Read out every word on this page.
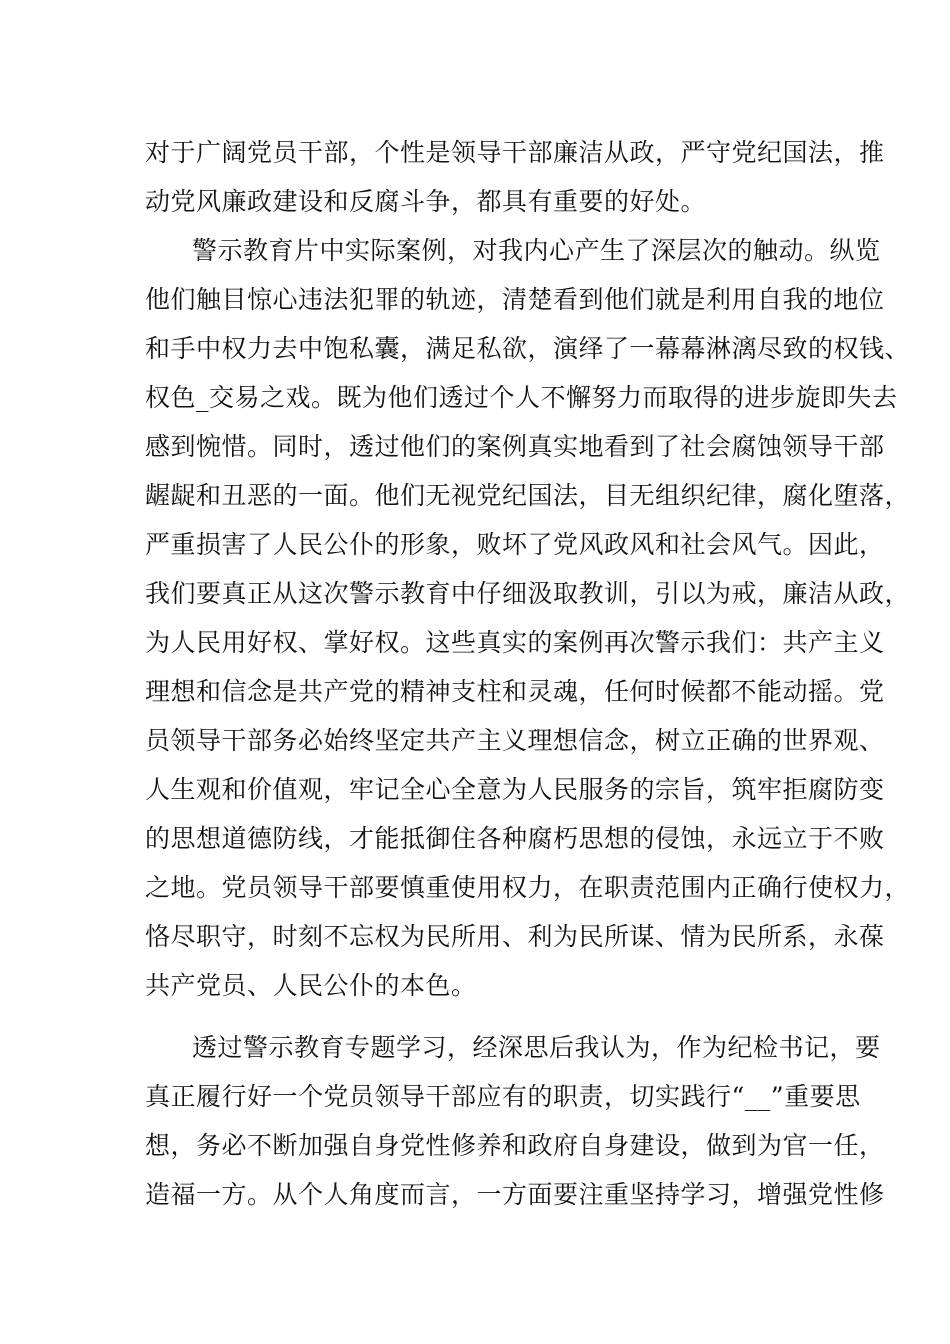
对于广阔党员干部，个性是领导干部廉洁从政，严守党纪国法，推
动党风廉政建设和反腐斗争，都具有重要的好处。
警示教育片中实际案例，对我内心产生了深层次的触动。纵览
他们触目惊心违法犯罪的轨迹，清楚看到他们就是利用自我的地位
和手中权力去中饱私囊，满足私欲，演绎了一幕幕淋漓尽致的权钱、
权色_交易之戏。既为他们透过个人不懈努力而取得的进步旋即失去
感到惋惜。同时，透过他们的案例真实地看到了社会腐蚀领导干部
龌龊和丑恶的一面。他们无视党纪国法，目无组织纪律，腐化堕落，
严重损害了人民公仆的形象，败坏了党风政风和社会风气。因此，
我们要真正从这次警示教育中仔细汲取教训，引以为戒，廉洁从政，
为人民用好权、掌好权。这些真实的案例再次警示我们：共产主义
理想和信念是共产党的精神支柱和灵魂，任何时候都不能动摇。党
员领导干部务必始终坚定共产主义理想信念，树立正确的世界观、
人生观和价值观，牢记全心全意为人民服务的宗旨，筑牢拒腐防变
的思想道德防线，才能抵御住各种腐朽思想的侵蚀，永远立于不败
之地。党员领导干部要慎重使用权力，在职责范围内正确行使权力，
恪尽职守，时刻不忘权为民所用、利为民所谋、情为民所系，永葆
共产党员、人民公仆的本色。
透过警示教育专题学习，经深思后我认为，作为纪检书记，要
真正履行好一个党员领导干部应有的职责，切实践行“__”重要思
想，务必不断加强自身党性修养和政府自身建设，做到为官一任，
造福一方。从个人角度而言，一方面要注重坚持学习，增强党性修
